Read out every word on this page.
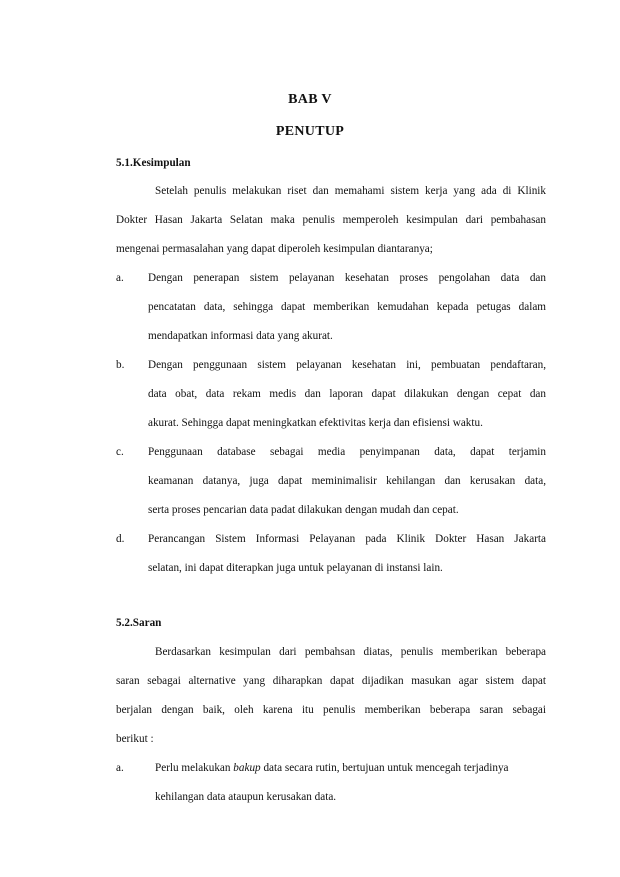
BAB V
PENUTUP
5.1.Kesimpulan
Setelah penulis melakukan riset dan memahami sistem kerja yang ada di Klinik
Dokter Hasan Jakarta Selatan maka penulis memperoleh kesimpulan dari pembahasan
mengenai permasalahan yang dapat diperoleh kesimpulan diantaranya;
a. Dengan penerapan sistem pelayanan kesehatan proses pengolahan data dan
pencatatan data, sehingga dapat memberikan kemudahan kepada petugas dalam
mendapatkan informasi data yang akurat.
b. Dengan penggunaan sistem pelayanan kesehatan ini, pembuatan pendaftaran,
data obat, data rekam medis dan laporan dapat dilakukan dengan cepat dan
akurat. Sehingga dapat meningkatkan efektivitas kerja dan efisiensi waktu.
c. Penggunaan database sebagai media penyimpanan data, dapat terjamin
keamanan datanya, juga dapat meminimalisir kehilangan dan kerusakan data,
serta proses pencarian data padat dilakukan dengan mudah dan cepat.
d. Perancangan Sistem Informasi Pelayanan pada Klinik Dokter Hasan Jakarta
selatan, ini dapat diterapkan juga untuk pelayanan di instansi lain.
5.2.Saran
Berdasarkan kesimpulan dari pembahsan diatas, penulis memberikan beberapa
saran sebagai alternative yang diharapkan dapat dijadikan masukan agar sistem dapat
berjalan dengan baik, oleh karena itu penulis memberikan beberapa saran sebagai
berikut :
a.	Perlu melakukan bakup data secara rutin, bertujuan untuk mencegah terjadinya
kehilangan data ataupun kerusakan data.
